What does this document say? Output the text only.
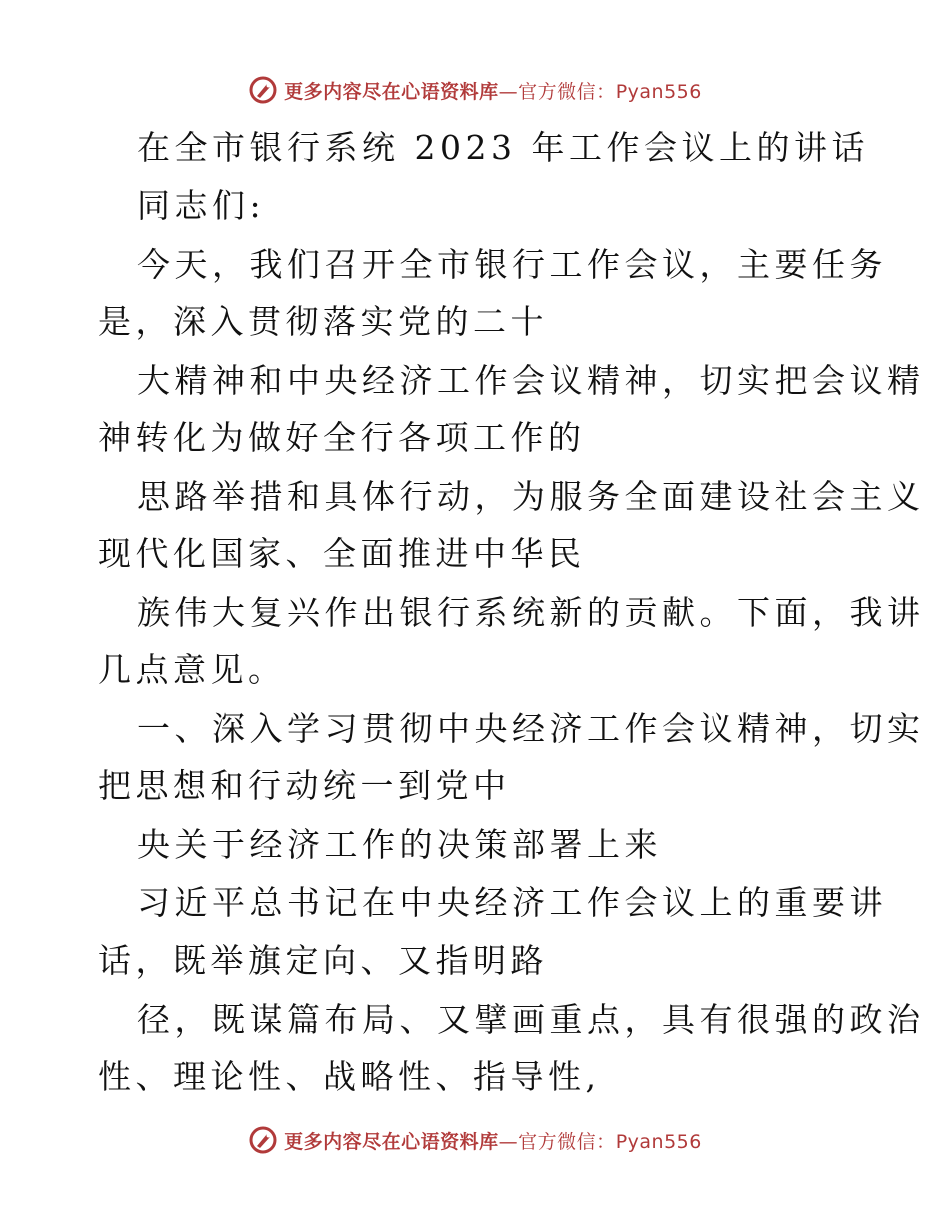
更多内容尽在心语资料库—官方微信：Pyan556
在全市银行系统 2023 年工作会议上的讲话
同志们:
今天，我们召开全市银行工作会议，主要任务
是，深入贯彻落实党的二十
大精神和中央经济工作会议精神，切实把会议精
神转化为做好全行各项工作的
思路举措和具体行动，为服务全面建设社会主义
现代化国家、全面推进中华民
族伟大复兴作出银行系统新的贡献。下面，我讲
几点意见。
一、深入学习贯彻中央经济工作会议精神，切实
把思想和行动统一到党中
央关于经济工作的决策部署上来
习近平总书记在中央经济工作会议上的重要讲
话，既举旗定向、又指明路
径，既谋篇布局、又擘画重点，具有很强的政治
性、理论性、战略性、指导性,
更多内容尽在心语资料库—官方微信：Pyan556
